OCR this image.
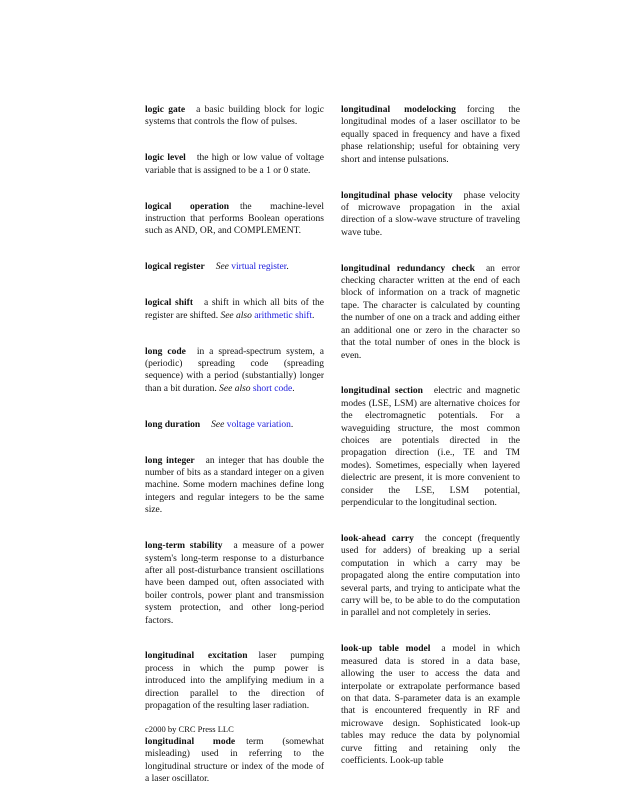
logic gate a basic building block for logic systems that controls the flow of pulses.

logic level the high or low value of voltage variable that is assigned to be a 1 or 0 state.

logical operation the machine-level instruction that performs Boolean operations such as AND, OR, and COMPLEMENT.

logical register See virtual register.

logical shift a shift in which all bits of the register are shifted. See also arithmetic shift.

long code in a spread-spectrum system, a (periodic) spreading code (spreading sequence) with a period (substantially) longer than a bit duration. See also short code.

long duration See voltage variation.

long integer an integer that has double the number of bits as a standard integer on a given machine. Some modern machines define long integers and regular integers to be the same size.

long-term stability a measure of a power system's long-term response to a disturbance after all post-disturbance transient oscillations have been damped out, often associated with boiler controls, power plant and transmission system protection, and other long-period factors.

longitudinal excitation laser pumping process in which the pump power is introduced into the amplifying medium in a direction parallel to the direction of propagation of the resulting laser radiation.

longitudinal mode term (somewhat misleading) used in referring to the longitudinal structure or index of the mode of a laser oscillator.

longitudinal modelocking forcing the longitudinal modes of a laser oscillator to be equally spaced in frequency and have a fixed phase relationship; useful for obtaining very short and intense pulsations.

longitudinal phase velocity phase velocity of microwave propagation in the axial direction of a slow-wave structure of traveling wave tube.

longitudinal redundancy check an error checking character written at the end of each block of information on a track of magnetic tape. The character is calculated by counting the number of one on a track and adding either an additional one or zero in the character so that the total number of ones in the block is even.

longitudinal section electric and magnetic modes (LSE, LSM) are alternative choices for the electromagnetic potentials. For a waveguiding structure, the most common choices are potentials directed in the propagation direction (i.e., TE and TM modes). Sometimes, especially when layered dielectric are present, it is more convenient to consider the LSE, LSM potential, perpendicular to the longitudinal section.

look-ahead carry the concept (frequently used for adders) of breaking up a serial computation in which a carry may be propagated along the entire computation into several parts, and trying to anticipate what the carry will be, to be able to do the computation in parallel and not completely in series.

look-up table model a model in which measured data is stored in a data base, allowing the user to access the data and interpolate or extrapolate performance based on that data. S-parameter data is an example that is encountered frequently in RF and microwave design. Sophisticated look-up tables may reduce the data by polynomial curve fitting and retaining only the coefficients. Look-up table

c2000 by CRC Press LLC
